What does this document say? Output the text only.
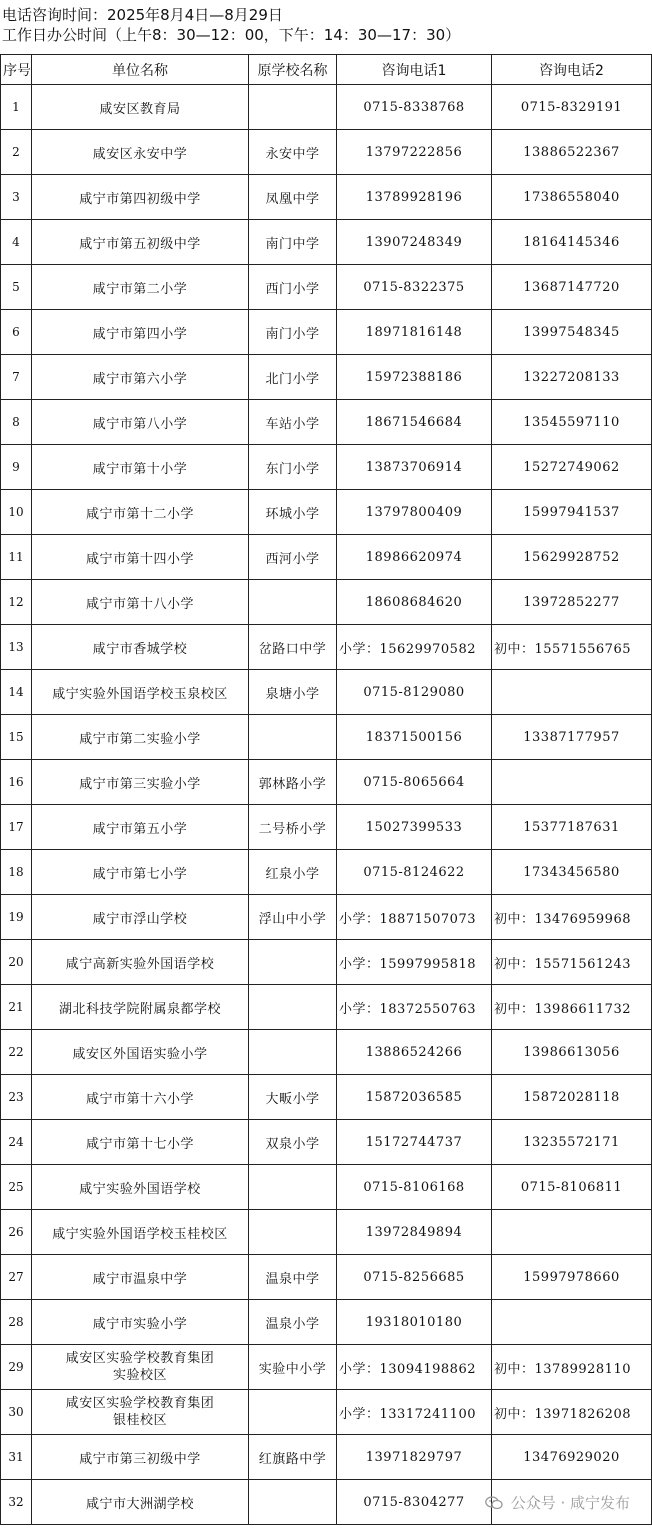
电话咨询时间：2025年8月4日—8月29日
工作日办公时间（上午8：30—12：00，下午：14：30—17：30）
序号	单位名称	原学校名称	咨询电话1	咨询电话2
1	咸安区教育局		0715-8338768	0715-8329191
2	咸安区永安中学	永安中学	13797222856	13886522367
3	咸宁市第四初级中学	凤凰中学	13789928196	17386558040
4	咸宁市第五初级中学	南门中学	13907248349	18164145346
5	咸宁市第二小学	西门小学	0715-8322375	13687147720
6	咸宁市第四小学	南门小学	18971816148	13997548345
7	咸宁市第六小学	北门小学	15972388186	13227208133
8	咸宁市第八小学	车站小学	18671546684	13545597110
9	咸宁市第十小学	东门小学	13873706914	15272749062
10	咸宁市第十二小学	环城小学	13797800409	15997941537
11	咸宁市第十四小学	西河小学	18986620974	15629928752
12	咸宁市第十八小学		18608684620	13972852277
13	咸宁市香城学校	岔路口中学	小学：15629970582	初中：15571556765
14	咸宁实验外国语学校玉泉校区	泉塘小学	0715-8129080	
15	咸宁市第二实验小学		18371500156	13387177957
16	咸宁市第三实验小学	郭林路小学	0715-8065664	
17	咸宁市第五小学	二号桥小学	15027399533	15377187631
18	咸宁市第七小学	红泉小学	0715-8124622	17343456580
19	咸宁市浮山学校	浮山中小学	小学：18871507073	初中：13476959968
20	咸宁高新实验外国语学校		小学：15997995818	初中：15571561243
21	湖北科技学院附属泉都学校		小学：18372550763	初中：13986611732
22	咸安区外国语实验小学		13886524266	13986613056
23	咸宁市第十六小学	大畈小学	15872036585	15872028118
24	咸宁市第十七小学	双泉小学	15172744737	13235572171
25	咸宁实验外国语学校		0715-8106168	0715-8106811
26	咸宁实验外国语学校玉桂校区		13972849894	
27	咸宁市温泉中学	温泉中学	0715-8256685	15997978660
28	咸宁市实验小学	温泉小学	19318010180	
29	咸安区实验学校教育集团
实验校区	实验中小学	小学：13094198862	初中：13789928110
30	咸安区实验学校教育集团
银桂校区		小学：13317241100	初中：13971826208
31	咸宁市第三初级中学	红旗路中学	13971829797	13476929020
32	咸宁市大洲湖学校		0715-8304277		公众号 · 咸宁发布
